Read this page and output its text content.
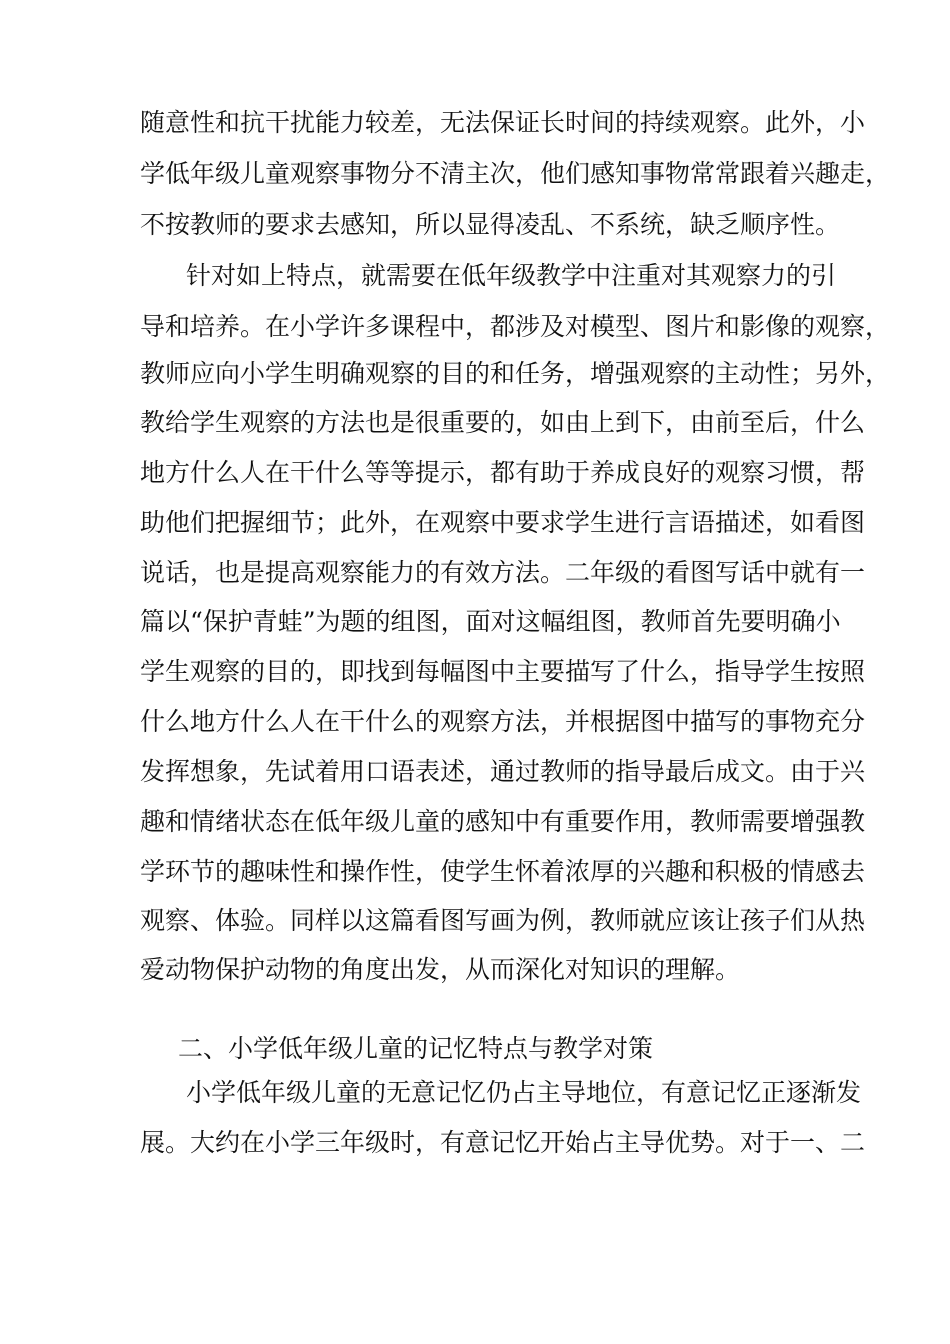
随意性和抗干扰能力较差，无法保证长时间的持续观察。此外，小
学低年级儿童观察事物分不清主次，他们感知事物常常跟着兴趣走，
不按教师的要求去感知，所以显得凌乱、不系统，缺乏顺序性。
针对如上特点，就需要在低年级教学中注重对其观察力的引
导和培养。在小学许多课程中，都涉及对模型、图片和影像的观察，
教师应向小学生明确观察的目的和任务，增强观察的主动性；另外，
教给学生观察的方法也是很重要的，如由上到下，由前至后，什么
地方什么人在干什么等等提示，都有助于养成良好的观察习惯，帮
助他们把握细节；此外，在观察中要求学生进行言语描述，如看图
说话，也是提高观察能力的有效方法。二年级的看图写话中就有一
篇以“保护青蛙”为题的组图，面对这幅组图，教师首先要明确小
学生观察的目的，即找到每幅图中主要描写了什么，指导学生按照
什么地方什么人在干什么的观察方法，并根据图中描写的事物充分
发挥想象，先试着用口语表述，通过教师的指导最后成文。由于兴
趣和情绪状态在低年级儿童的感知中有重要作用，教师需要增强教
学环节的趣味性和操作性，使学生怀着浓厚的兴趣和积极的情感去
观察、体验。同样以这篇看图写画为例，教师就应该让孩子们从热
爱动物保护动物的角度出发，从而深化对知识的理解。
二、小学低年级儿童的记忆特点与教学对策
小学低年级儿童的无意记忆仍占主导地位，有意记忆正逐渐发
展。大约在小学三年级时，有意记忆开始占主导优势。对于一、二
